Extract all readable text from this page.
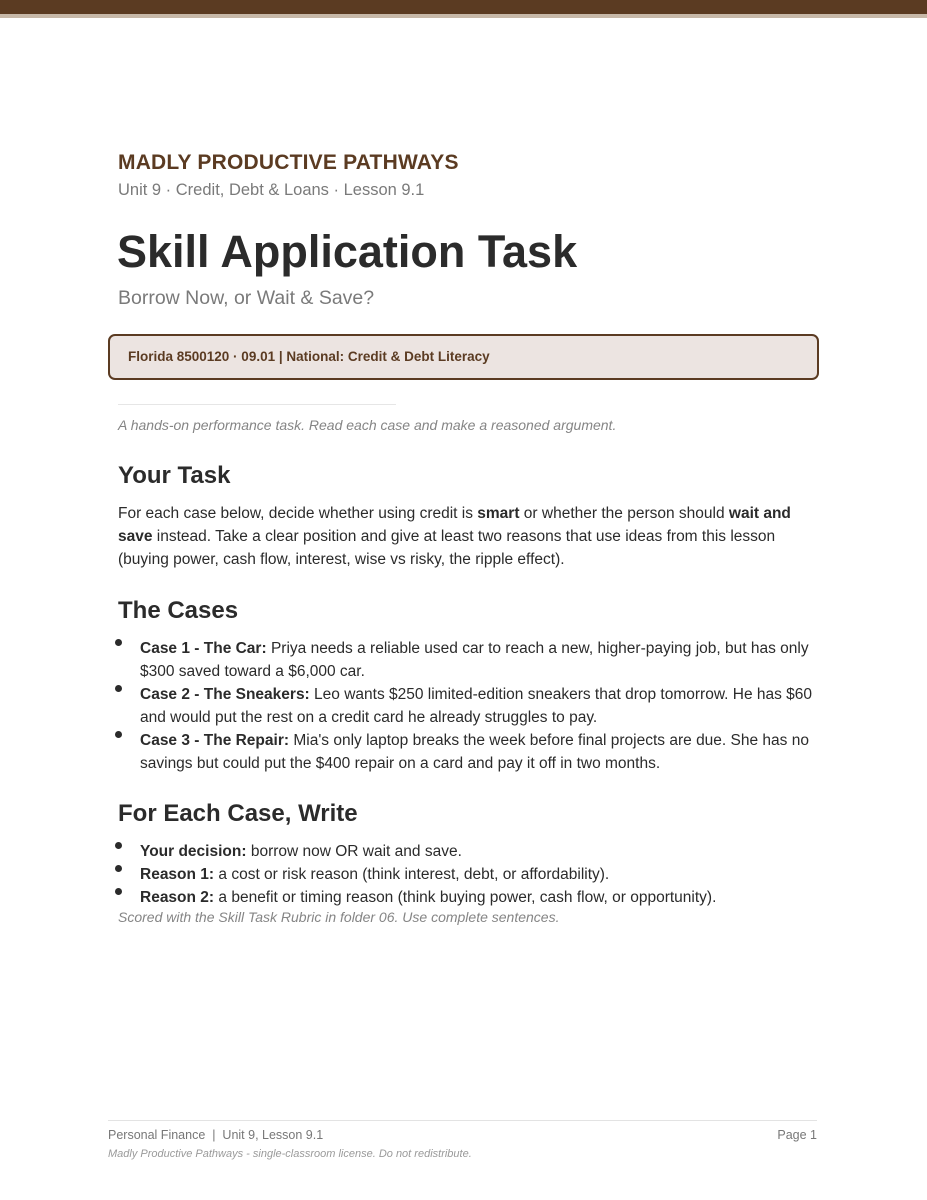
MADLY PRODUCTIVE PATHWAYS
Unit 9 · Credit, Debt & Loans · Lesson 9.1
Skill Application Task
Borrow Now, or Wait & Save?
Florida 8500120 · 09.01 | National: Credit & Debt Literacy
A hands-on performance task. Read each case and make a reasoned argument.
Your Task
For each case below, decide whether using credit is smart or whether the person should wait and save instead. Take a clear position and give at least two reasons that use ideas from this lesson (buying power, cash flow, interest, wise vs risky, the ripple effect).
The Cases
Case 1 - The Car: Priya needs a reliable used car to reach a new, higher-paying job, but has only $300 saved toward a $6,000 car.
Case 2 - The Sneakers: Leo wants $250 limited-edition sneakers that drop tomorrow. He has $60 and would put the rest on a credit card he already struggles to pay.
Case 3 - The Repair: Mia's only laptop breaks the week before final projects are due. She has no savings but could put the $400 repair on a card and pay it off in two months.
For Each Case, Write
Your decision: borrow now OR wait and save.
Reason 1: a cost or risk reason (think interest, debt, or affordability).
Reason 2: a benefit or timing reason (think buying power, cash flow, or opportunity).
Scored with the Skill Task Rubric in folder 06. Use complete sentences.
Personal Finance  |  Unit 9, Lesson 9.1	Page 1
Madly Productive Pathways - single-classroom license. Do not redistribute.
